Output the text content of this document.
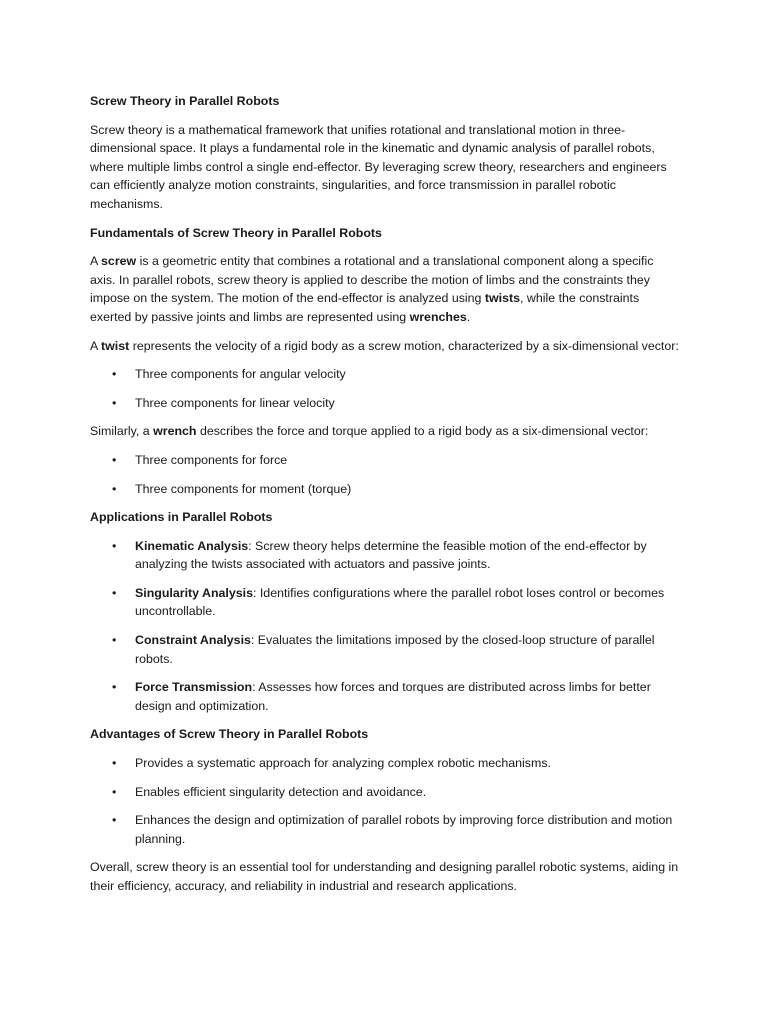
Screw Theory in Parallel Robots

Screw theory is a mathematical framework that unifies rotational and translational motion in three-dimensional space. It plays a fundamental role in the kinematic and dynamic analysis of parallel robots, where multiple limbs control a single end-effector. By leveraging screw theory, researchers and engineers can efficiently analyze motion constraints, singularities, and force transmission in parallel robotic mechanisms.

Fundamentals of Screw Theory in Parallel Robots

A screw is a geometric entity that combines a rotational and a translational component along a specific axis. In parallel robots, screw theory is applied to describe the motion of limbs and the constraints they impose on the system. The motion of the end-effector is analyzed using twists, while the constraints exerted by passive joints and limbs are represented using wrenches.

A twist represents the velocity of a rigid body as a screw motion, characterized by a six-dimensional vector:

• Three components for angular velocity
• Three components for linear velocity

Similarly, a wrench describes the force and torque applied to a rigid body as a six-dimensional vector:

• Three components for force
• Three components for moment (torque)
Applications in Parallel Robots
• Kinematic Analysis: Screw theory helps determine the feasible motion of the end-effector by analyzing the twists associated with actuators and passive joints.
• Singularity Analysis: Identifies configurations where the parallel robot loses control or becomes uncontrollable.
• Constraint Analysis: Evaluates the limitations imposed by the closed-loop structure of parallel robots.
• Force Transmission: Assesses how forces and torques are distributed across limbs for better design and optimization.
Advantages of Screw Theory in Parallel Robots
• Provides a systematic approach for analyzing complex robotic mechanisms.
• Enables efficient singularity detection and avoidance.
• Enhances the design and optimization of parallel robots by improving force distribution and motion planning.

Overall, screw theory is an essential tool for understanding and designing parallel robotic systems, aiding in their efficiency, accuracy, and reliability in industrial and research applications.
